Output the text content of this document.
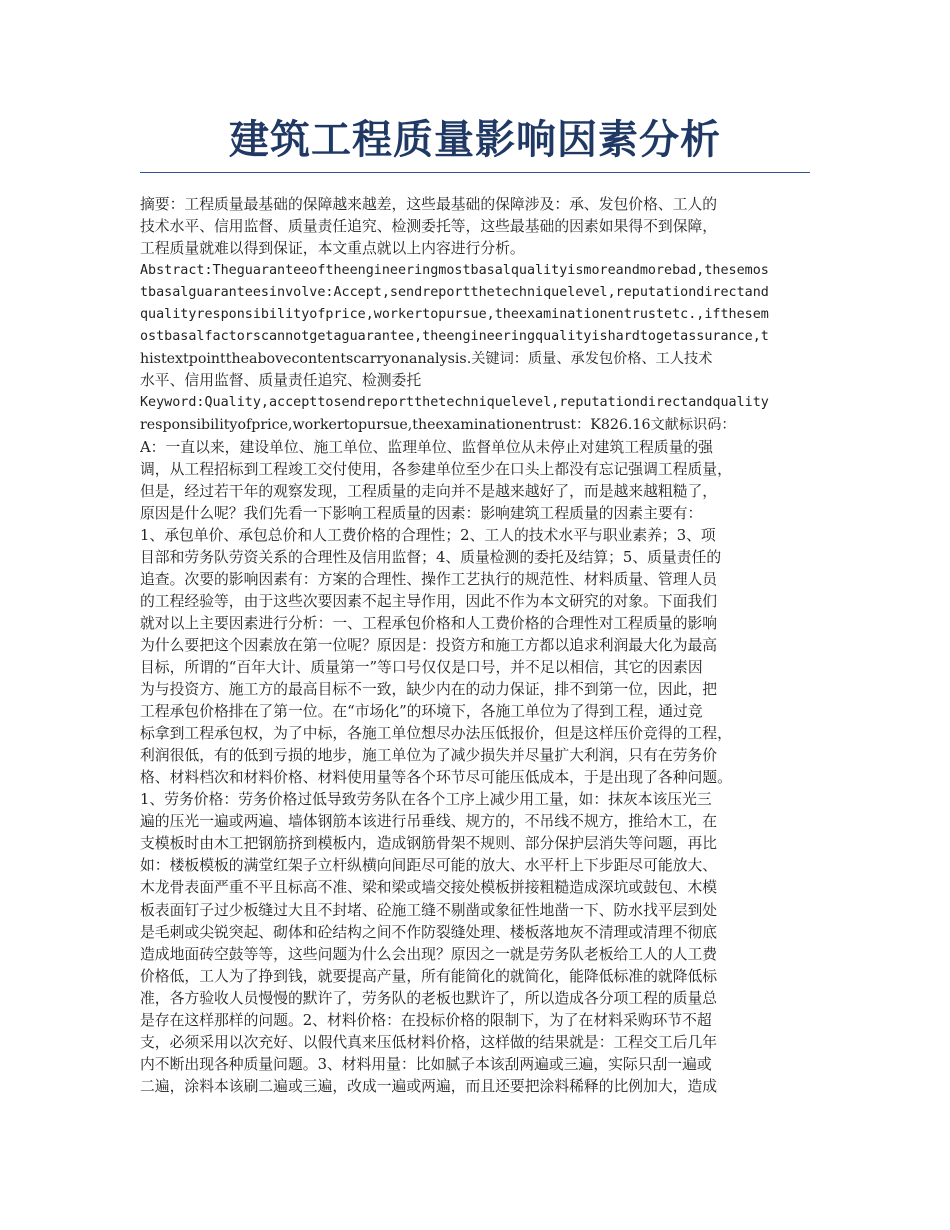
建筑工程质量影响因素分析
摘要：工程质量最基础的保障越来越差，这些最基础的保障涉及：承、发包价格、工人的
技术水平、信用监督、质量责任追究、检测委托等，这些最基础的因素如果得不到保障，
工程质量就难以得到保证，本文重点就以上内容进行分析。
Abstract:Theguaranteeoftheengineeringmostbasalqualityismoreandmorebad,thesemos
tbasalguaranteesinvolve:Accept,sendreportthetechniquelevel,reputationdirectand
qualityresponsibilityofprice,workertopursue,theexaminationentrustetc.,ifthesem
ostbasalfactorscannotgetaguarantee,theengineeringqualityishardtogetassurance,t
histextpointtheabovecontentscarryonanalysis.关键词：质量、承发包价格、工人技术
水平、信用监督、质量责任追究、检测委托
Keyword:Quality,accepttosendreportthetechniquelevel,reputationdirectandquality
responsibilityofprice,workertopursue,theexaminationentrust：K826.16文献标识码：
A：一直以来，建设单位、施工单位、监理单位、监督单位从未停止对建筑工程质量的强
调，从工程招标到工程竣工交付使用，各参建单位至少在口头上都没有忘记强调工程质量，
但是，经过若干年的观察发现，工程质量的走向并不是越来越好了，而是越来越粗糙了，
原因是什么呢？我们先看一下影响工程质量的因素：影响建筑工程质量的因素主要有：
1、承包单价、承包总价和人工费价格的合理性；2、工人的技术水平与职业素养；3、项
目部和劳务队劳资关系的合理性及信用监督；4、质量检测的委托及结算；5、质量责任的
追查。次要的影响因素有：方案的合理性、操作工艺执行的规范性、材料质量、管理人员
的工程经验等，由于这些次要因素不起主导作用，因此不作为本文研究的对象。下面我们
就对以上主要因素进行分析：一、工程承包价格和人工费价格的合理性对工程质量的影响
为什么要把这个因素放在第一位呢？原因是：投资方和施工方都以追求利润最大化为最高
目标，所谓的“百年大计、质量第一”等口号仅仅是口号，并不足以相信，其它的因素因
为与投资方、施工方的最高目标不一致，缺少内在的动力保证，排不到第一位，因此，把
工程承包价格排在了第一位。在“市场化”的环境下，各施工单位为了得到工程，通过竞
标拿到工程承包权，为了中标，各施工单位想尽办法压低报价，但是这样压价竞得的工程，
利润很低，有的低到亏损的地步，施工单位为了减少损失并尽量扩大利润，只有在劳务价
格、材料档次和材料价格、材料使用量等各个环节尽可能压低成本，于是出现了各种问题。
1、劳务价格：劳务价格过低导致劳务队在各个工序上减少用工量，如：抹灰本该压光三
遍的压光一遍或两遍、墙体钢筋本该进行吊垂线、规方的，不吊线不规方，推给木工，在
支模板时由木工把钢筋挤到模板内，造成钢筋骨架不规则、部分保护层消失等问题，再比
如：楼板模板的满堂红架子立杆纵横向间距尽可能的放大、水平杆上下步距尽可能放大、
木龙骨表面严重不平且标高不准、梁和梁或墙交接处模板拼接粗糙造成深坑或鼓包、木模
板表面钉子过少板缝过大且不封堵、砼施工缝不剔凿或象征性地凿一下、防水找平层到处
是毛刺或尖锐突起、砌体和砼结构之间不作防裂缝处理、楼板落地灰不清理或清理不彻底
造成地面砖空鼓等等，这些问题为什么会出现？原因之一就是劳务队老板给工人的人工费
价格低，工人为了挣到钱，就要提高产量，所有能简化的就简化，能降低标准的就降低标
准，各方验收人员慢慢的默许了，劳务队的老板也默许了，所以造成各分项工程的质量总
是存在这样那样的问题。2、材料价格：在投标价格的限制下，为了在材料采购环节不超
支，必须采用以次充好、以假代真来压低材料价格，这样做的结果就是：工程交工后几年
内不断出现各种质量问题。3、材料用量：比如腻子本该刮两遍或三遍，实际只刮一遍或
二遍，涂料本该刷二遍或三遍，改成一遍或两遍，而且还要把涂料稀释的比例加大，造成
